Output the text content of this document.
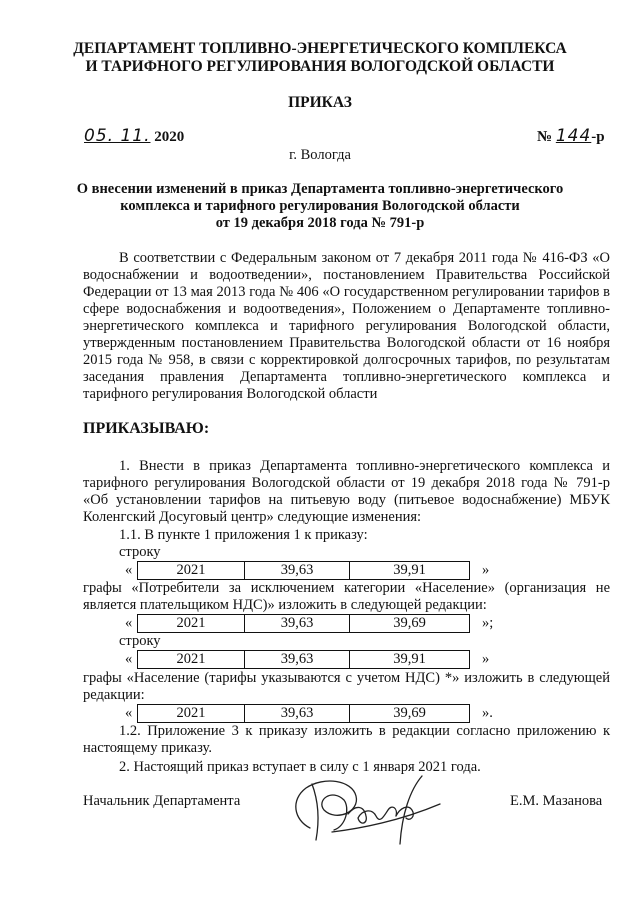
ДЕПАРТАМЕНТ ТОПЛИВНО-ЭНЕРГЕТИЧЕСКОГО КОМПЛЕКСА
И ТАРИФНОГО РЕГУЛИРОВАНИЯ ВОЛОГОДСКОЙ ОБЛАСТИ
ПРИКАЗ
05. 11. 2020	№ 144-р
г. Вологда
О внесении изменений в приказ Департамента топливно-энергетического
комплекса и тарифного регулирования Вологодской области
от 19 декабря 2018 года № 791-р
В соответствии с Федеральным законом от 7 декабря 2011 года № 416-ФЗ «О водоснабжении и водоотведении», постановлением Правительства Российской Федерации от 13 мая 2013 года № 406 «О государственном регулировании тарифов в сфере водоснабжения и водоотведения», Положением о Департаменте топливно-энергетического комплекса и тарифного регулирования Вологодской области, утвержденным постановлением Правительства Вологодской области от 16 ноября 2015 года № 958, в связи с корректировкой долгосрочных тарифов, по результатам заседания правления Департамента топливно-энергетического комплекса и тарифного регулирования Вологодской области
ПРИКАЗЫВАЮ:
1. Внести в приказ Департамента топливно-энергетического комплекса и тарифного регулирования Вологодской области от 19 декабря 2018 года № 791-р «Об установлении тарифов на питьевую воду (питьевое водоснабжение) МБУК Коленгский Досуговый центр» следующие изменения:
1.1. В пункте 1 приложения 1 к приказу:
строку
«	2021	39,63	39,91	»
графы «Потребители за исключением категории «Население» (организация не является плательщиком НДС)» изложить в следующей редакции:
«	2021	39,63	39,69	»;
строку
«	2021	39,63	39,91	»
графы «Население (тарифы указываются с учетом НДС) *» изложить в следующей редакции:
«	2021	39,63	39,69	».
1.2. Приложение 3 к приказу изложить в редакции согласно приложению к настоящему приказу.
2. Настоящий приказ вступает в силу с 1 января 2021 года.
Начальник Департамента	Е.М. Мазанова
